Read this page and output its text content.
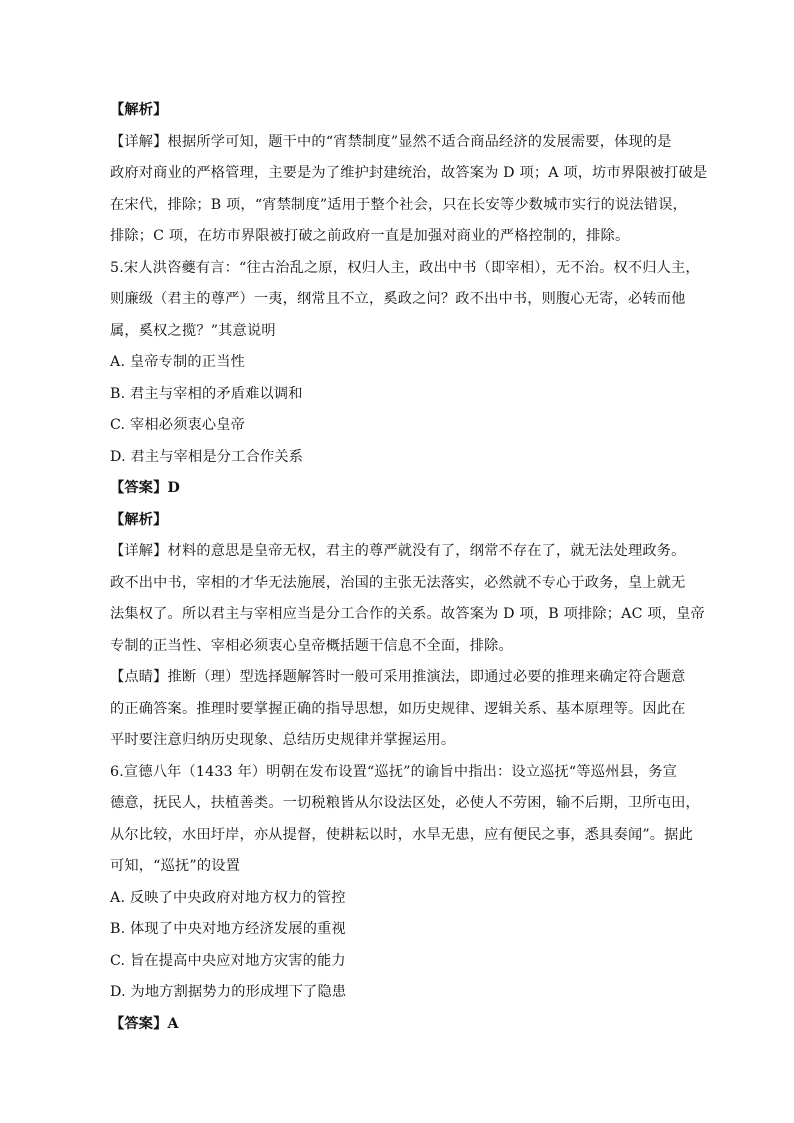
【解析】
【详解】根据所学可知，题干中的“宵禁制度”显然不适合商品经济的发展需要，体现的是
政府对商业的严格管理，主要是为了维护封建统治，故答案为 D 项；A 项，坊市界限被打破是
在宋代，排除；B 项，“宵禁制度”适用于整个社会，只在长安等少数城市实行的说法错误，
排除；C 项，在坊市界限被打破之前政府一直是加强对商业的严格控制的，排除。
5.宋人洪咨夔有言：“往古治乱之原，权归人主，政出中书（即宰相），无不治。权不归人主，
则廉级（君主的尊严）一夷，纲常且不立，奚政之问？政不出中书，则腹心无寄，必转而他
属，奚权之揽？”其意说明
A. 皇帝专制的正当性
B. 君主与宰相的矛盾难以调和
C. 宰相必须衷心皇帝
D. 君主与宰相是分工合作关系
【答案】D
【解析】
【详解】材料的意思是皇帝无权，君主的尊严就没有了，纲常不存在了，就无法处理政务。
政不出中书，宰相的才华无法施展，治国的主张无法落实，必然就不专心于政务，皇上就无
法集权了。所以君主与宰相应当是分工合作的关系。故答案为 D 项，B 项排除；AC 项，皇帝
专制的正当性、宰相必须衷心皇帝概括题干信息不全面，排除。
【点睛】推断（理）型选择题解答时一般可采用推演法，即通过必要的推理来确定符合题意
的正确答案。推理时要掌握正确的指导思想，如历史规律、逻辑关系、基本原理等。因此在
平时要注意归纳历史现象、总结历史规律并掌握运用。
6.宣德八年（1433 年）明朝在发布设置“巡抚”的谕旨中指出：设立巡抚“等巡州县，务宣
德意，抚民人，扶植善类。一切税粮皆从尔设法区处，必使人不劳困，输不后期，卫所屯田，
从尔比较，水田圩岸，亦从提督，使耕耘以时，水旱无患，应有便民之事，悉具奏闻”。据此
可知，“巡抚”的设置
A. 反映了中央政府对地方权力的管控
B. 体现了中央对地方经济发展的重视
C. 旨在提高中央应对地方灾害的能力
D. 为地方割据势力的形成埋下了隐患
【答案】A
